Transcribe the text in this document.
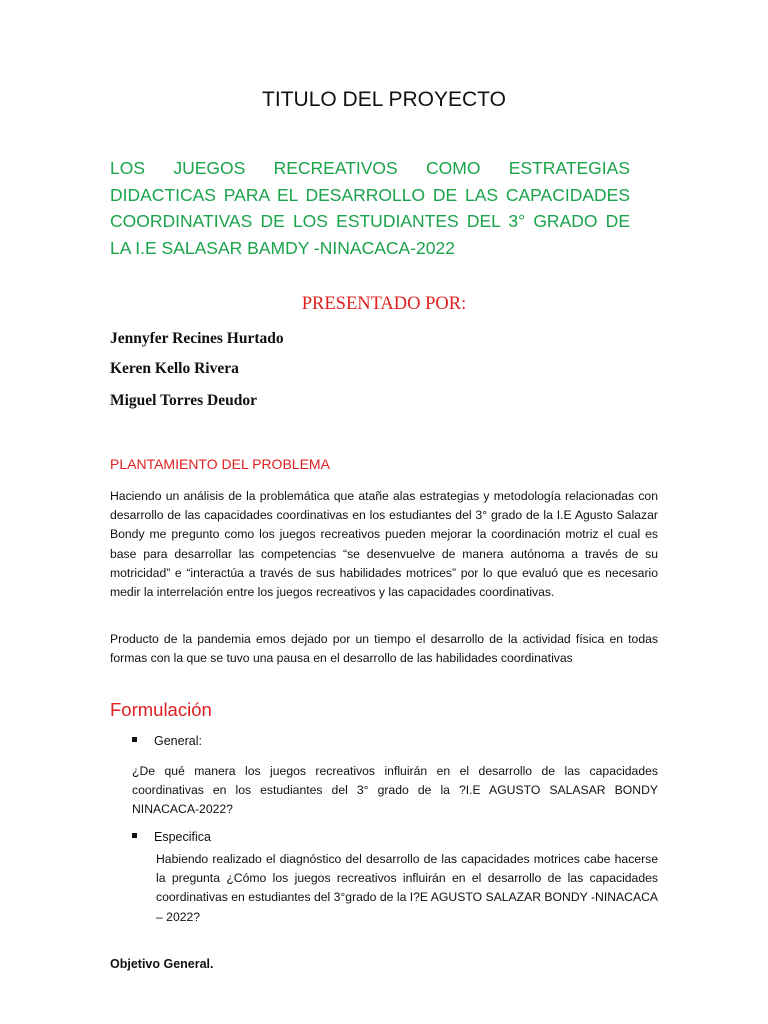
TITULO DEL PROYECTO
LOS JUEGOS RECREATIVOS COMO ESTRATEGIAS DIDACTICAS PARA EL DESARROLLO DE LAS CAPACIDADES COORDINATIVAS DE LOS ESTUDIANTES DEL 3° GRADO DE LA I.E SALASAR BAMDY -NINACACA-2022
PRESENTADO POR:
Jennyfer Recines Hurtado
Keren Kello Rivera
Miguel Torres Deudor
PLANTAMIENTO DEL PROBLEMA
Haciendo un análisis de la problemática que atañe alas estrategias y metodología relacionadas con desarrollo de las capacidades coordinativas en los estudiantes del 3° grado de la I.E Agusto Salazar Bondy me pregunto como los juegos recreativos pueden mejorar la coordinación motriz el cual es base para desarrollar las competencias “se desenvuelve de manera autónoma a través de su motricidad” e “interactúa a través de sus habilidades motrices” por lo que evaluó que es necesario medir la interrelación entre los juegos recreativos y las capacidades coordinativas.
Producto de la pandemia emos dejado por un tiempo el desarrollo de la actividad física en todas formas con la que se tuvo una pausa en el desarrollo de las habilidades coordinativas
Formulación
General:
¿De qué manera los juegos recreativos influirán en el desarrollo de las capacidades coordinativas en los estudiantes del 3° grado de la ?I.E AGUSTO SALASAR BONDY NINACACA-2022?
Especifica
Habiendo realizado el diagnóstico del desarrollo de las capacidades motrices cabe hacerse la pregunta ¿Cómo los juegos recreativos influirán en el desarrollo de las capacidades coordinativas en estudiantes del 3°grado de la I?E AGUSTO SALAZAR BONDY -NINACACA – 2022?
Objetivo General.
